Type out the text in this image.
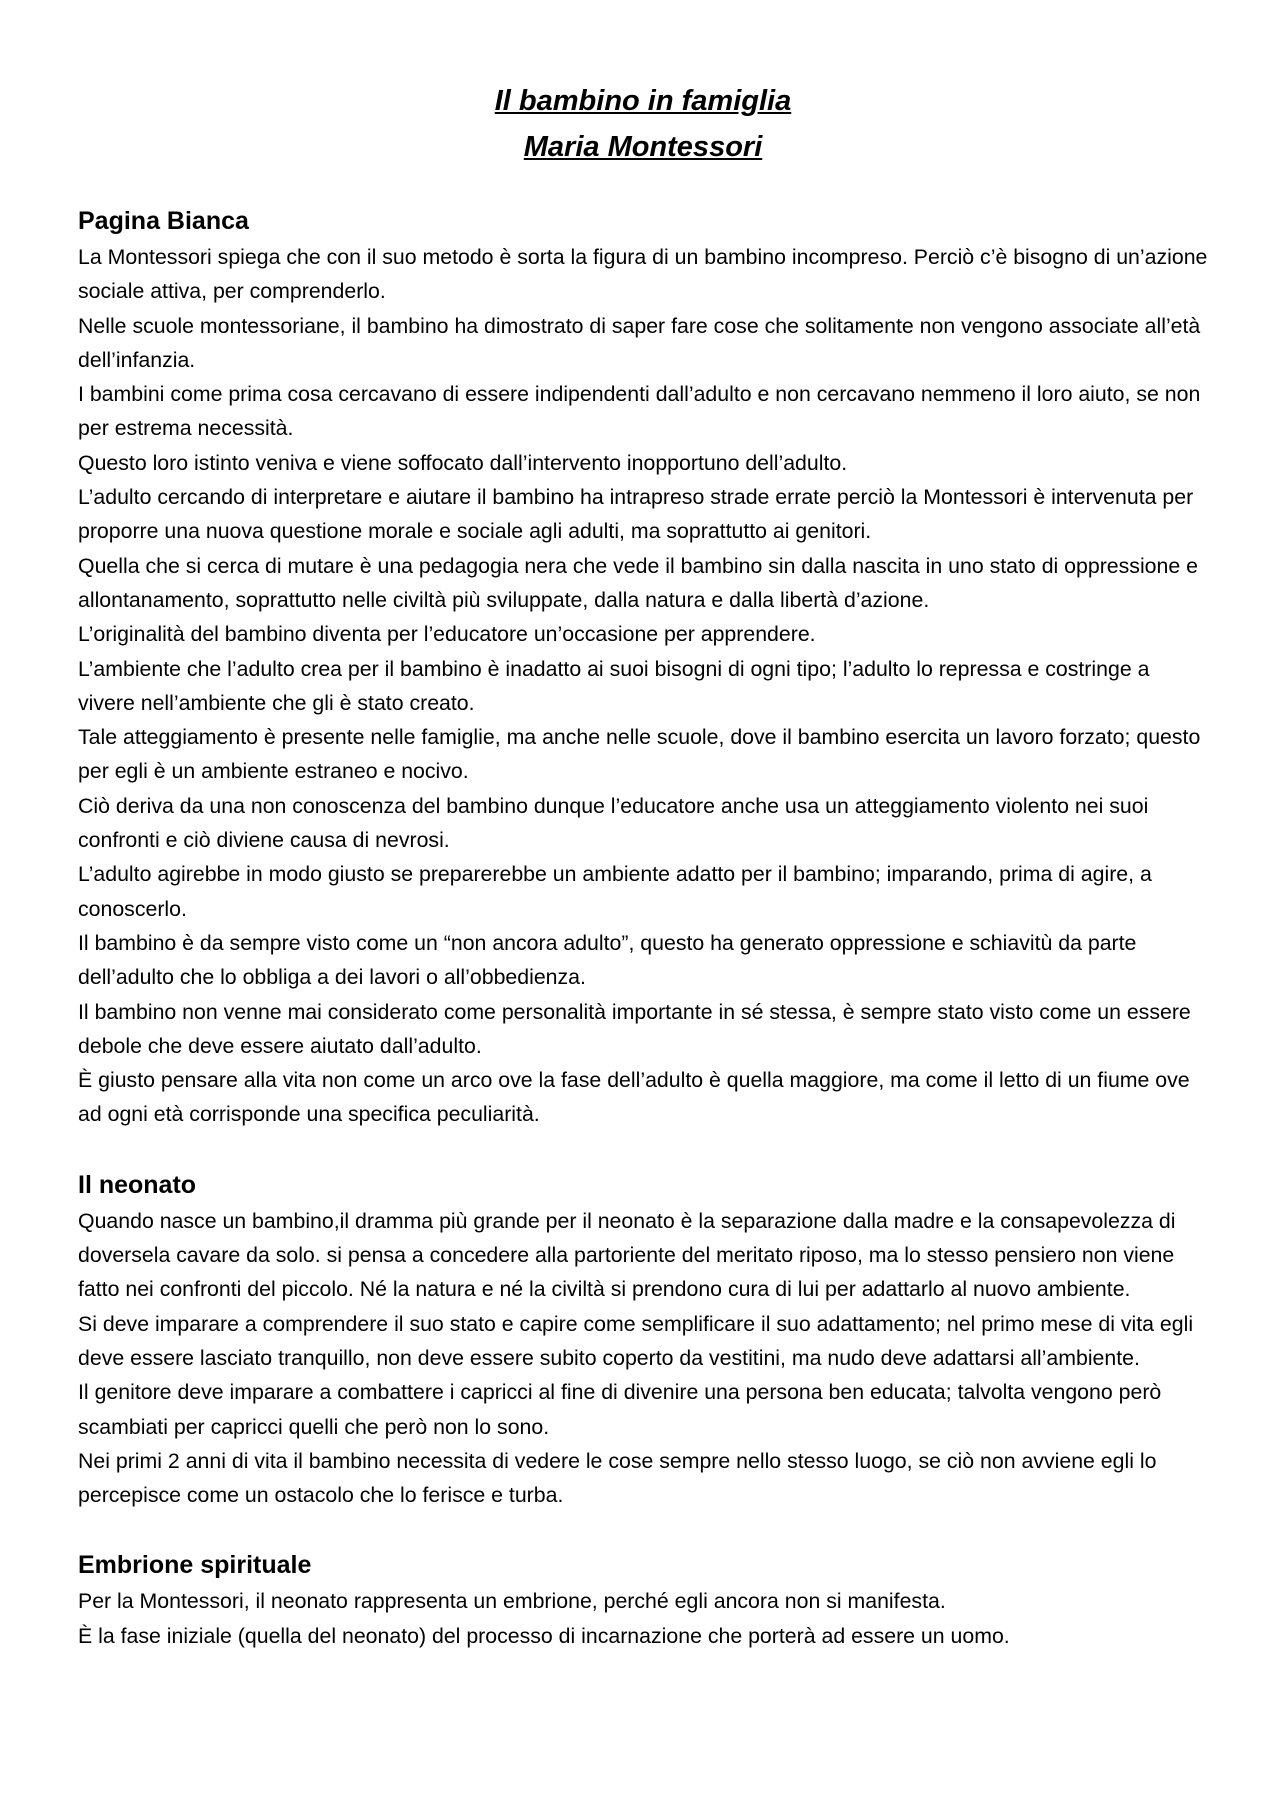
Il bambino in famiglia

Maria Montessori

Pagina Bianca

La Montessori spiega che con il suo metodo è sorta la figura di un bambino incompreso. Perciò c’è bisogno di un’azione sociale attiva, per comprenderlo.

Nelle scuole montessoriane, il bambino ha dimostrato di saper fare cose che solitamente non vengono associate all’età dell’infanzia.

I bambini come prima cosa cercavano di essere indipendenti dall’adulto e non cercavano nemmeno il loro aiuto, se non per estrema necessità.

Questo loro istinto veniva e viene soffocato dall’intervento inopportuno dell’adulto.

L’adulto cercando di interpretare e aiutare il bambino ha intrapreso strade errate perciò la Montessori è intervenuta per proporre una nuova questione morale e sociale agli adulti, ma soprattutto ai genitori.

Quella che si cerca di mutare è una pedagogia nera che vede il bambino sin dalla nascita in uno stato di oppressione e allontanamento, soprattutto nelle civiltà più sviluppate, dalla natura e dalla libertà d’azione.

L’originalità del bambino diventa per l’educatore un’occasione per apprendere.

L’ambiente che l’adulto crea per il bambino è inadatto ai suoi bisogni di ogni tipo; l’adulto lo repressa e costringe a vivere nell’ambiente che gli è stato creato.

Tale atteggiamento è presente nelle famiglie, ma anche nelle scuole, dove il bambino esercita un lavoro forzato; questo per egli è un ambiente estraneo e nocivo.

Ciò deriva da una non conoscenza del bambino dunque l’educatore anche usa un atteggiamento violento nei suoi confronti e ciò diviene causa di nevrosi.

L’adulto agirebbe in modo giusto se preparerebbe un ambiente adatto per il bambino; imparando, prima di agire, a conoscerlo.

Il bambino è da sempre visto come un “non ancora adulto”, questo ha generato oppressione e schiavitù da parte dell’adulto che lo obbliga a dei lavori o all’obbedienza.

Il bambino non venne mai considerato come personalità importante in sé stessa, è sempre stato visto come un essere debole che deve essere aiutato dall’adulto.

È giusto pensare alla vita non come un arco ove la fase dell’adulto è quella maggiore, ma come il letto di un fiume ove ad ogni età corrisponde una specifica peculiarità.

Il neonato

Quando nasce un bambino,il dramma più grande per il neonato è la separazione dalla madre e la consapevolezza di doversela cavare da solo. si pensa a concedere alla partoriente del meritato riposo, ma lo stesso pensiero non viene fatto nei confronti del piccolo. Né la natura e né la civiltà si prendono cura di lui per adattarlo al nuovo ambiente.

Si deve imparare a comprendere il suo stato e capire come semplificare il suo adattamento; nel primo mese di vita egli deve essere lasciato tranquillo, non deve essere subito coperto da vestitini, ma nudo deve adattarsi all’ambiente.

Il genitore deve imparare a combattere i capricci al fine di divenire una persona ben educata; talvolta vengono però scambiati per capricci quelli che però non lo sono.

Nei primi 2 anni di vita il bambino necessita di vedere le cose sempre nello stesso luogo, se ciò non avviene egli lo percepisce come un ostacolo che lo ferisce e turba.

Embrione spirituale

Per la Montessori, il neonato rappresenta un embrione, perché egli ancora non si manifesta.

È la fase iniziale (quella del neonato) del processo di incarnazione che porterà ad essere un uomo.
